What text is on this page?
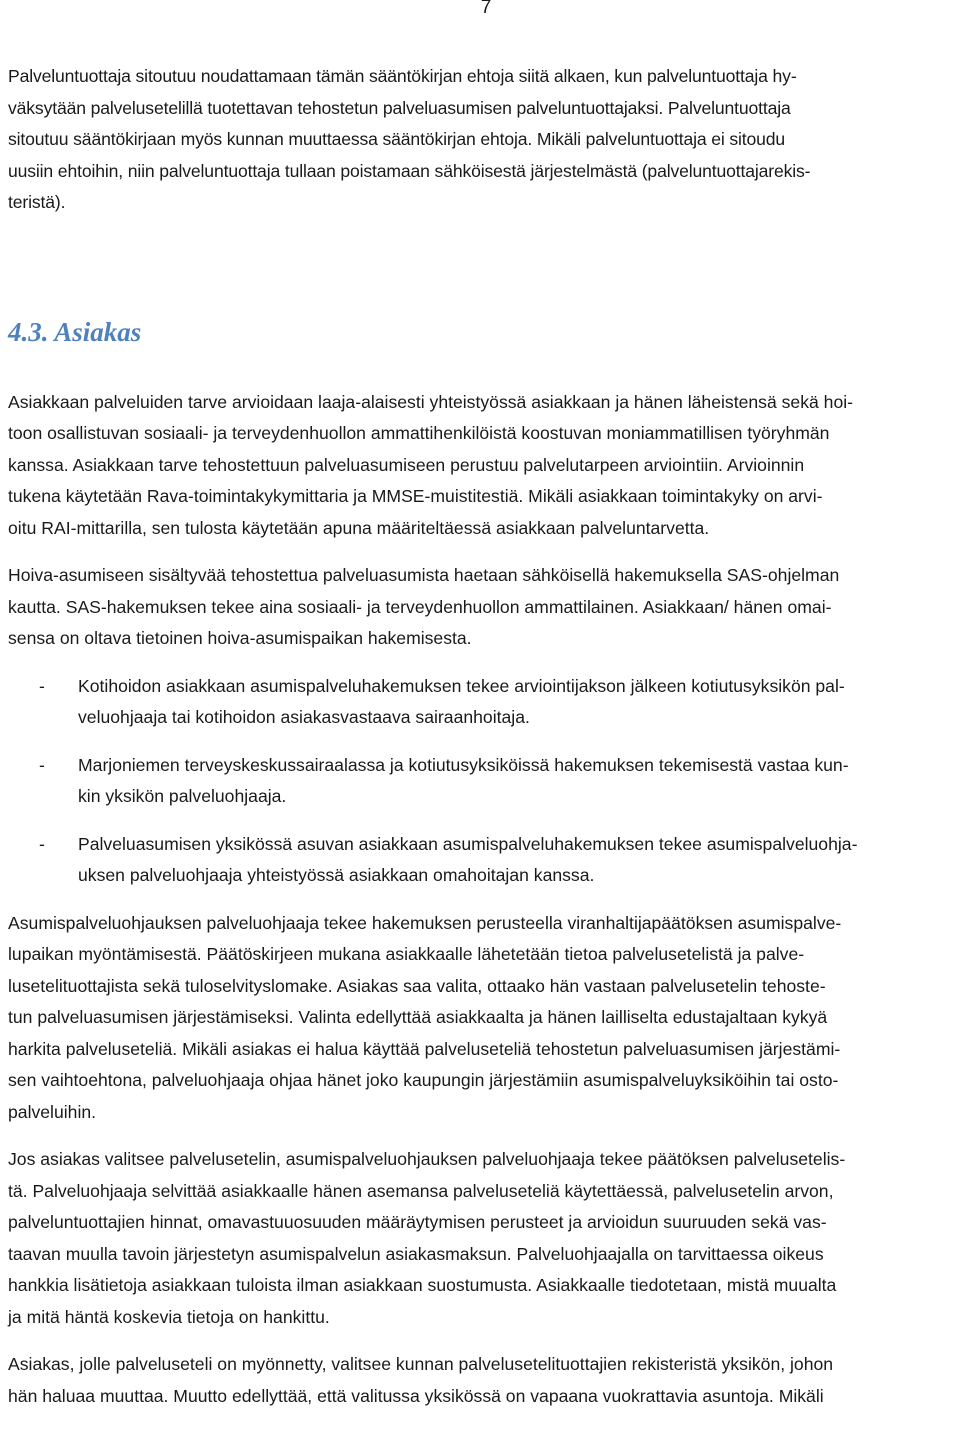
7
Palveluntuottaja sitoutuu noudattamaan tämän sääntökirjan ehtoja siitä alkaen, kun palveluntuottaja hy-
väksytään palvelusetelillä tuotettavan tehostetun palveluasumisen palveluntuottajaksi. Palveluntuottaja
sitoutuu sääntökirjaan myös kunnan muuttaessa sääntökirjan ehtoja. Mikäli palveluntuottaja ei sitoudu
uusiin ehtoihin, niin palveluntuottaja tullaan poistamaan sähköisestä järjestelmästä (palveluntuottajarekis-
teristä).
4.3. Asiakas
Asiakkaan palveluiden tarve arvioidaan laaja-alaisesti yhteistyössä asiakkaan ja hänen läheistensä sekä hoi-
toon osallistuvan sosiaali- ja terveydenhuollon ammattihenkilöistä koostuvan moniammatillisen työryhmän
kanssa. Asiakkaan tarve tehostettuun palveluasumiseen perustuu palvelutarpeen arviointiin. Arvioinnin
tukena käytetään Rava-toimintakykymittaria ja MMSE-muistitestiä. Mikäli asiakkaan toimintakyky on arvi-
oitu RAI-mittarilla, sen tulosta käytetään apuna määriteltäessä asiakkaan palveluntarvetta.
Hoiva-asumiseen sisältyvää tehostettua palveluasumista haetaan sähköisellä hakemuksella SAS-ohjelman
kautta. SAS-hakemuksen tekee aina sosiaali- ja terveydenhuollon ammattilainen. Asiakkaan/ hänen omai-
sensa on oltava tietoinen hoiva-asumispaikan hakemisesta.
- Kotihoidon asiakkaan asumispalveluhakemuksen tekee arviointijakson jälkeen kotiutusyksikön pal-
veluohjaaja tai kotihoidon asiakasvastaava sairaanhoitaja.
- Marjoniemen terveyskeskussairaalassa ja kotiutusyksiköissä hakemuksen tekemisestä vastaa kun-
kin yksikön palveluohjaaja.
- Palveluasumisen yksikössä asuvan asiakkaan asumispalveluhakemuksen tekee asumispalveluohja-
uksen palveluohjaaja yhteistyössä asiakkaan omahoitajan kanssa.
Asumispalveluohjauksen palveluohjaaja tekee hakemuksen perusteella viranhaltijapäätöksen asumispalve-
lupaikan myöntämisestä. Päätöskirjeen mukana asiakkaalle lähetetään tietoa palvelusetelistä ja palve-
lusetelituottajista sekä tuloselvityslomake. Asiakas saa valita, ottaako hän vastaan palvelusetelin tehoste-
tun palveluasumisen järjestämiseksi. Valinta edellyttää asiakkaalta ja hänen lailliselta edustajaltaan kykyä
harkita palveluseteliä. Mikäli asiakas ei halua käyttää palveluseteliä tehostetun palveluasumisen järjestämi-
sen vaihtoehtona, palveluohjaaja ohjaa hänet joko kaupungin järjestämiin asumispalveluyksiköihin tai osto-
palveluihin.
Jos asiakas valitsee palvelusetelin, asumispalveluohjauksen palveluohjaaja tekee päätöksen palvelusetelis-
tä. Palveluohjaaja selvittää asiakkaalle hänen asemansa palveluseteliä käytettäessä, palvelusetelin arvon,
palveluntuottajien hinnat, omavastuuosuuden määräytymisen perusteet ja arvioidun suuruuden sekä vas-
taavan muulla tavoin järjestetyn asumispalvelun asiakasmaksun. Palveluohjaajalla on tarvittaessa oikeus
hankkia lisätietoja asiakkaan tuloista ilman asiakkaan suostumusta. Asiakkaalle tiedotetaan, mistä muualta
ja mitä häntä koskevia tietoja on hankittu.
Asiakas, jolle palveluseteli on myönnetty, valitsee kunnan palvelusetelituottajien rekisteristä yksikön, johon
hän haluaa muuttaa. Muutto edellyttää, että valitussa yksikössä on vapaana vuokrattavia asuntoja. Mikäli
